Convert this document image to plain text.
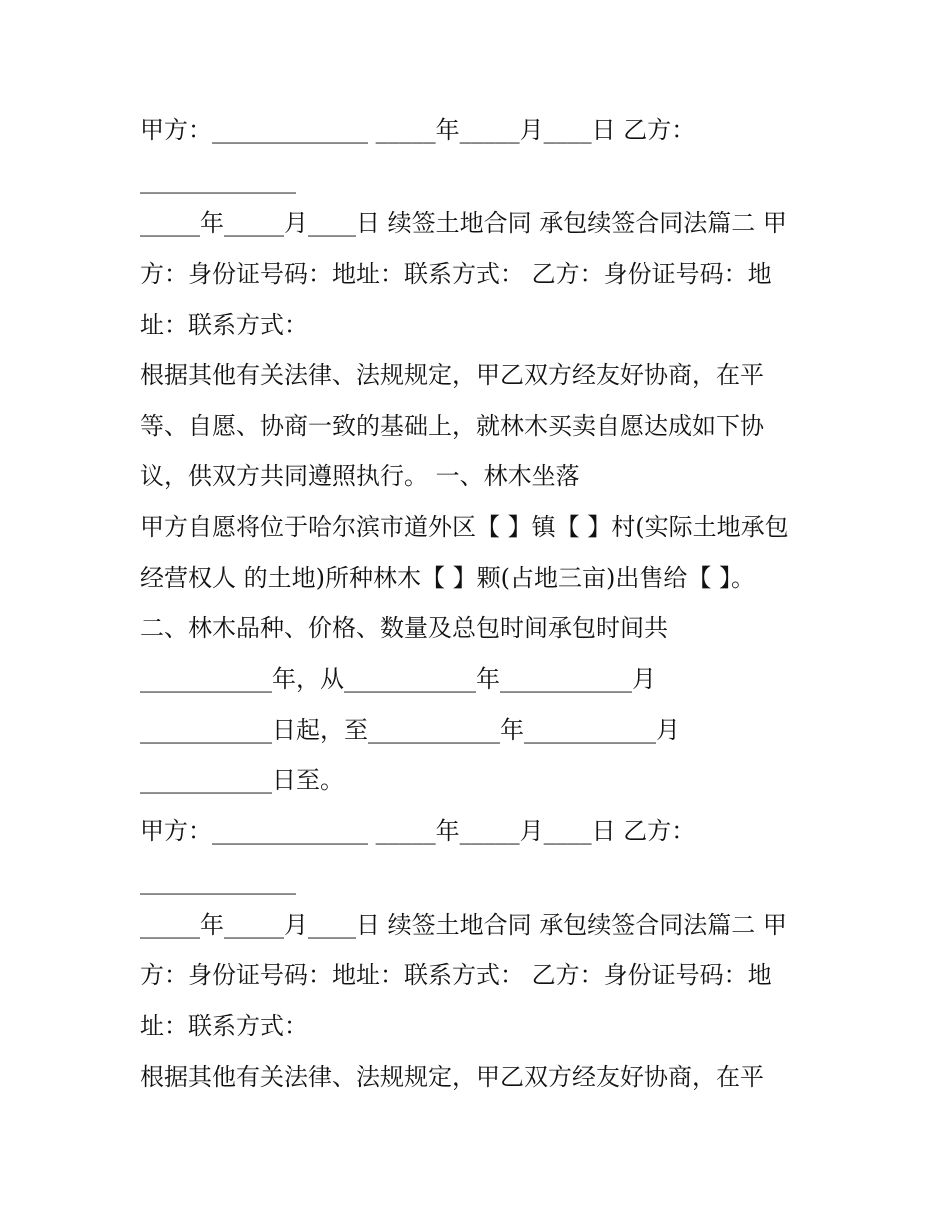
甲方：_____________ _____年_____月____日 乙方：
_____________
_____年_____月____日 续签土地合同 承包续签合同法篇二 甲
方：身份证号码：地址：联系方式： 乙方：身份证号码：地
址：联系方式：
根据其他有关法律、法规规定，甲乙双方经友好协商，在平
等、自愿、协商一致的基础上，就林木买卖自愿达成如下协
议，供双方共同遵照执行。 一、林木坐落
甲方自愿将位于哈尔滨市道外区【 】镇【 】村(实际土地承包
经营权人 的土地)所种林木【 】颗(占地三亩)出售给【 】。
二、林木品种、价格、数量及总包时间承包时间共
___________年，从___________年___________月
___________日起，至___________年___________月
___________日至。
甲方：_____________ _____年_____月____日 乙方：
_____________
_____年_____月____日 续签土地合同 承包续签合同法篇二 甲
方：身份证号码：地址：联系方式： 乙方：身份证号码：地
址：联系方式：
根据其他有关法律、法规规定，甲乙双方经友好协商，在平
